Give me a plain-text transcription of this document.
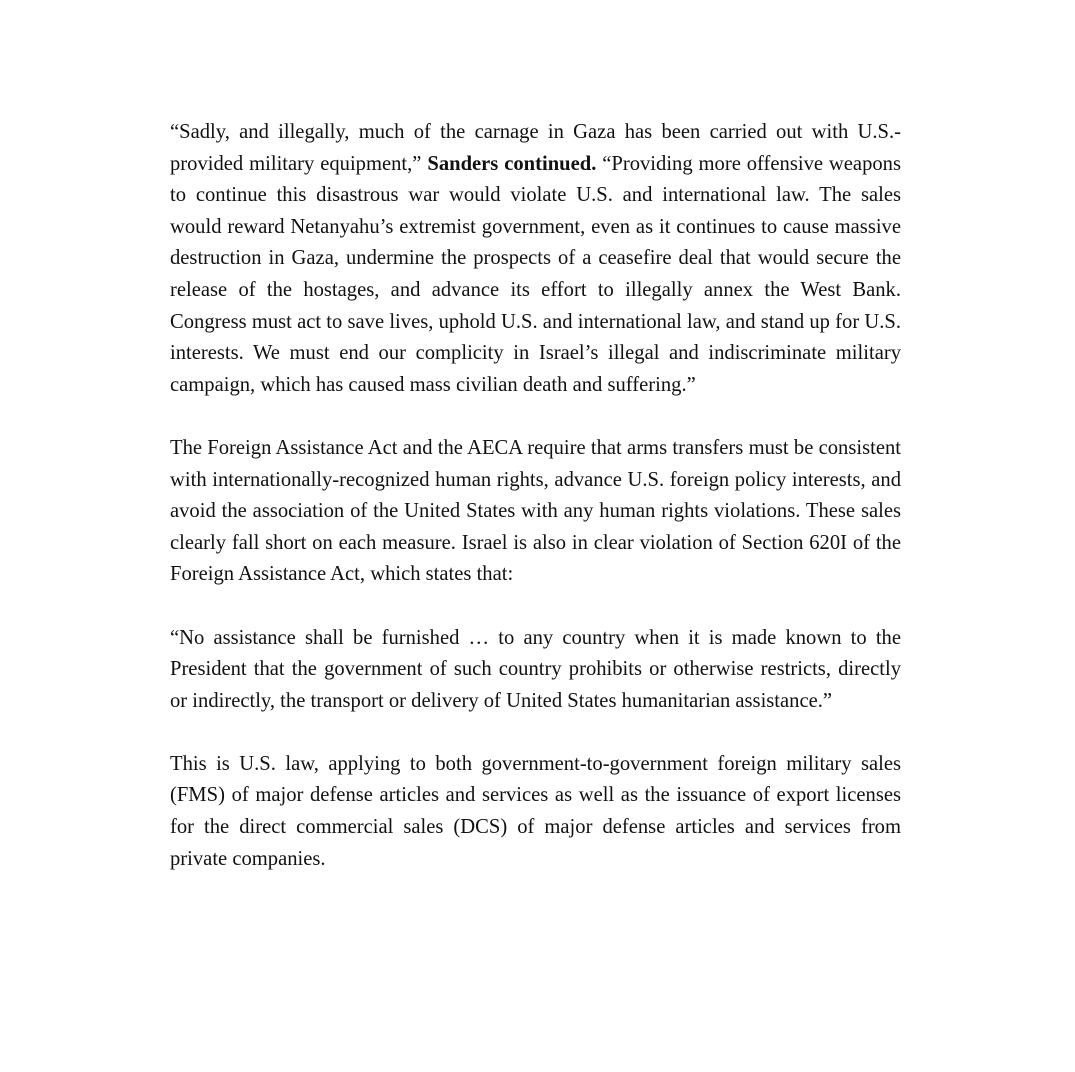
“Sadly, and illegally, much of the carnage in Gaza has been carried out with U.S.-provided military equipment,” Sanders continued. “Providing more offensive weapons to continue this disastrous war would violate U.S. and international law. The sales would reward Netanyahu’s extremist government, even as it continues to cause massive destruction in Gaza, undermine the prospects of a ceasefire deal that would secure the release of the hostages, and advance its effort to illegally annex the West Bank. Congress must act to save lives, uphold U.S. and international law, and stand up for U.S. interests. We must end our complicity in Israel’s illegal and indiscriminate military campaign, which has caused mass civilian death and suffering.”

The Foreign Assistance Act and the AECA require that arms transfers must be consistent with internationally-recognized human rights, advance U.S. foreign policy interests, and avoid the association of the United States with any human rights violations. These sales clearly fall short on each measure. Israel is also in clear violation of Section 620I of the Foreign Assistance Act, which states that:

“No assistance shall be furnished … to any country when it is made known to the President that the government of such country prohibits or otherwise restricts, directly or indirectly, the transport or delivery of United States humanitarian assistance.”

This is U.S. law, applying to both government-to-government foreign military sales (FMS) of major defense articles and services as well as the issuance of export licenses for the direct commercial sales (DCS) of major defense articles and services from private companies.
